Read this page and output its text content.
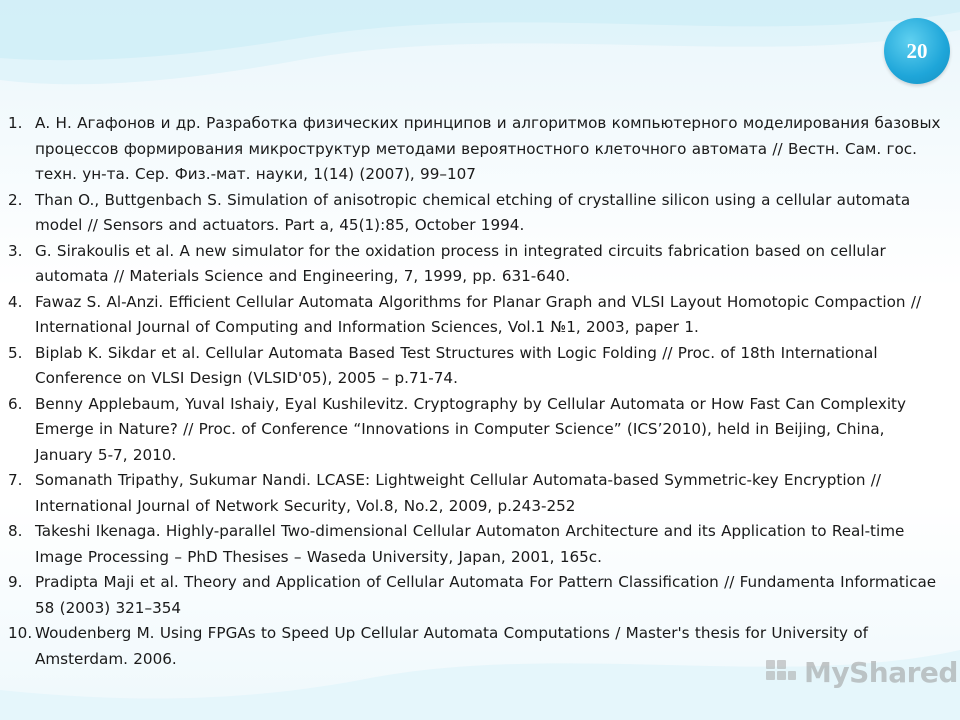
20
1. А. Н. Агафонов и др. Разработка физических принципов и алгоритмов компьютерного моделирования базовых процессов формирования микроструктур методами вероятностного клеточного автомата // Вестн. Сам. гос. техн. ун-та. Сер. Физ.-мат. науки, 1(14) (2007), 99–107
2. Than O., Buttgenbach S. Simulation of anisotropic chemical etching of crystalline silicon using a cellular automata model // Sensors and actuators. Part a, 45(1):85, October 1994.
3. G. Sirakoulis et al. A new simulator for the oxidation process in integrated circuits fabrication based on cellular automata // Materials Science and Engineering, 7, 1999, pp. 631-640.
4. Fawaz S. Al-Anzi. Efficient Cellular Automata Algorithms for Planar Graph and VLSI Layout Homotopic Compaction // International Journal of Computing and Information Sciences, Vol.1 №1, 2003, paper 1.
5. Biplab K. Sikdar et al. Cellular Automata Based Test Structures with Logic Folding // Proc. of 18th International Conference on VLSI Design (VLSID'05), 2005 – p.71-74.
6. Benny Applebaum, Yuval Ishaiy, Eyal Kushilevitz. Cryptography by Cellular Automata or How Fast Can Complexity Emerge in Nature? // Proc. of Conference “Innovations in Computer Science” (ICS’2010), held in Beijing, China, January 5-7, 2010.
7. Somanath Tripathy, Sukumar Nandi. LCASE: Lightweight Cellular Automata-based Symmetric-key Encryption // International Journal of Network Security, Vol.8, No.2, 2009, p.243-252
8. Takeshi Ikenaga. Highly-parallel Two-dimensional Cellular Automaton Architecture and its Application to Real-time Image Processing – PhD Thesises – Waseda University, Japan, 2001, 165c.
9. Pradipta Maji et al. Theory and Application of Cellular Automata For Pattern Classification // Fundamenta Informaticae 58 (2003) 321–354
10. Woudenberg M. Using FPGAs to Speed Up Cellular Automata Computations / Master's thesis for University of Amsterdam. 2006.	MyShared
